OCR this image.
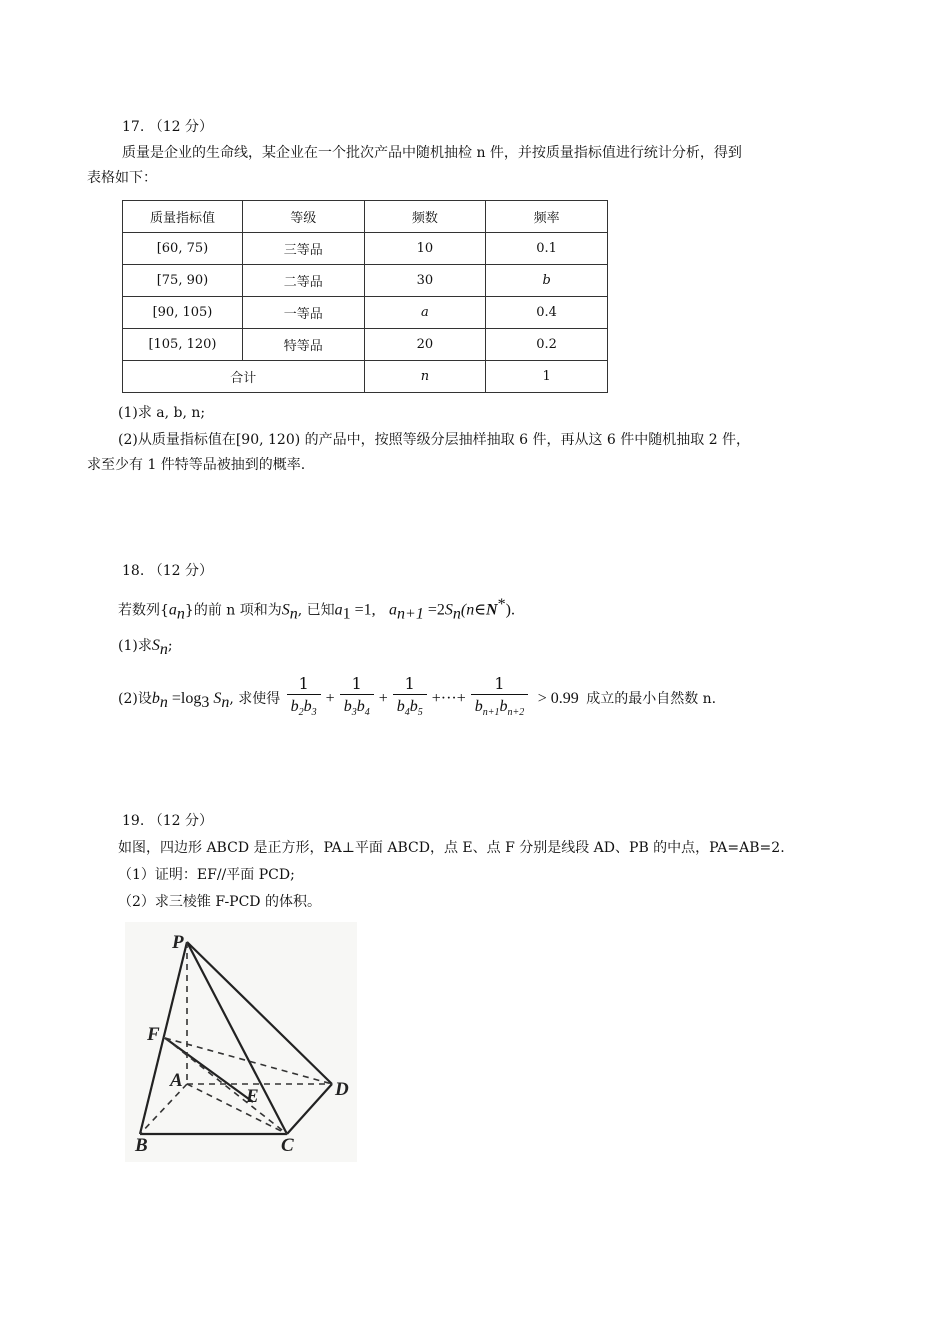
17. （12 分）
质量是企业的生命线，某企业在一个批次产品中随机抽检 n 件，并按质量指标值进行统计分析，得到
表格如下：
质量指标值	等级	频数	频率
[60, 75)	三等品	10	0.1
[75, 90)	二等品	30	b
[90, 105)	一等品	a	0.4
[105, 120)	特等品	20	0.2
合计		n	1
(1)求 a, b, n;
(2)从质量指标值在[90, 120) 的产品中，按照等级分层抽样抽取 6 件，再从这 6 件中随机抽取 2 件，
求至少有 1 件特等品被抽到的概率.
18. （12 分）
若数列$\{a_n\}$的前 n 项和为$S_n$, 已知$a_1 =1$, $a_{n+1}$ $=2S_n(n\in N^*)$.
(1)求$S_n$;
(2)设$b_n =\log_3$ $S_n$, 求使得 $\frac{1}{b_2b_3} + \frac{1}{b_3b_4} + \frac{1}{b_4b_5}$ +···+ $\frac{1}{b_{n+1}b_{n+2}} > 0.99$ 成立的最小自然数 n.
19. （12 分）
如图，四边形 ABCD 是正方形，PA⊥平面 ABCD，点 E、点 F 分别是线段 AD、PB 的中点，PA=AB=2.
（1）证明：EF//平面 PCD;
（2）求三棱锥 F-PCD 的体积。
P
F
A
E	D
B	C
